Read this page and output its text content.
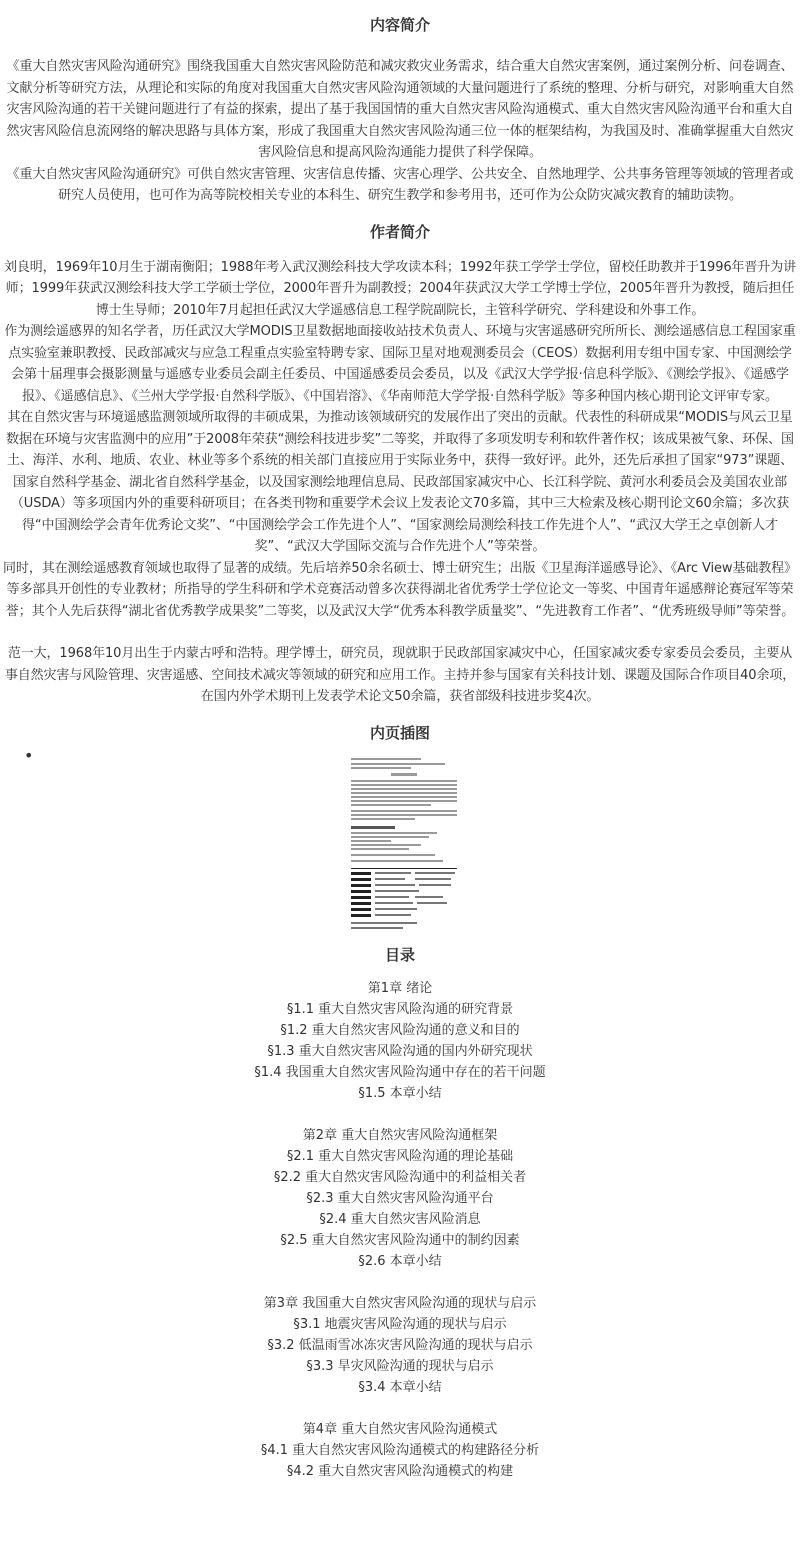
内容简介

《重大自然灾害风险沟通研究》围绕我国重大自然灾害风险防范和减灾救灾业务需求，结合重大自然灾害案例，通过案例分析、问卷调查、文献分析等研究方法，从理论和实际的角度对我国重大自然灾害风险沟通领域的大量问题进行了系统的整理、分析与研究，对影响重大自然灾害风险沟通的若干关键问题进行了有益的探索，提出了基于我国国情的重大自然灾害风险沟通模式、重大自然灾害风险沟通平台和重大自然灾害风险信息流网络的解决思路与具体方案，形成了我国重大自然灾害风险沟通三位一体的框架结构，为我国及时、准确掌握重大自然灾害风险信息和提高风险沟通能力提供了科学保障。

《重大自然灾害风险沟通研究》可供自然灾害管理、灾害信息传播、灾害心理学、公共安全、自然地理学、公共事务管理等领域的管理者或研究人员使用，也可作为高等院校相关专业的本科生、研究生教学和参考用书，还可作为公众防灾减灾教育的辅助读物。

作者简介

刘良明，1969年10月生于湖南衡阳；1988年考入武汉测绘科技大学攻读本科；1992年获工学学士学位，留校任助教并于1996年晋升为讲师；1999年获武汉测绘科技大学工学硕士学位，2000年晋升为副教授；2004年获武汉大学工学博士学位，2005年晋升为教授，随后担任博士生导师；2010年7月起担任武汉大学遥感信息工程学院副院长，主管科学研究、学科建设和外事工作。

作为测绘遥感界的知名学者，历任武汉大学MODIS卫星数据地面接收站技术负责人、环境与灾害遥感研究所所长、测绘遥感信息工程国家重点实验室兼职教授、民政部减灾与应急工程重点实验室特聘专家、国际卫星对地观测委员会（CEOS）数据利用专组中国专家、中国测绘学会第十届理事会摄影测量与遥感专业委员会副主任委员、中国遥感委员会委员，以及《武汉大学学报·信息科学版》、《测绘学报》、《遥感学报》、《遥感信息》、《兰州大学学报·自然科学版》、《中国岩溶》、《华南师范大学学报·自然科学版》等多种国内核心期刊论文评审专家。

其在自然灾害与环境遥感监测领域所取得的丰硕成果，为推动该领域研究的发展作出了突出的贡献。代表性的科研成果“MODIS与风云卫星数据在环境与灾害监测中的应用”于2008年荣获“测绘科技进步奖”二等奖，并取得了多项发明专利和软件著作权；该成果被气象、环保、国土、海洋、水利、地质、农业、林业等多个系统的相关部门直接应用于实际业务中，获得一致好评。此外，还先后承担了国家“973”课题、国家自然科学基金、湖北省自然科学基金，以及国家测绘地理信息局、民政部国家减灾中心、长江科学院、黄河水利委员会及美国农业部（USDA）等多项国内外的重要科研项目；在各类刊物和重要学术会议上发表论文70多篇，其中三大检索及核心期刊论文60余篇；多次获得“中国测绘学会青年优秀论文奖”、“中国测绘学会工作先进个人”、“国家测绘局测绘科技工作先进个人”、“武汉大学王之卓创新人才奖”、“武汉大学国际交流与合作先进个人”等荣誉。

同时，其在测绘遥感教育领域也取得了显著的成绩。先后培养50余名硕士、博士研究生；出版《卫星海洋遥感导论》、《Arc View基础教程》等多部具开创性的专业教材；所指导的学生科研和学术竞赛活动曾多次获得湖北省优秀学士学位论文一等奖、中国青年遥感辩论赛冠军等荣誉；其个人先后获得“湖北省优秀教学成果奖”二等奖，以及武汉大学“优秀本科教学质量奖”、“先进教育工作者”、“优秀班级导师”等荣誉。

范一大，1968年10月出生于内蒙古呼和浩特。理学博士，研究员，现就职于民政部国家减灾中心，任国家减灾委专家委员会委员，主要从事自然灾害与风险管理、灾害遥感、空间技术减灾等领域的研究和应用工作。主持并参与国家有关科技计划、课题及国际合作项目40余项，在国内外学术期刊上发表学术论文50余篇，获省部级科技进步奖4次。

内页插图
•
目录
第1章 绪论
§1.1 重大自然灾害风险沟通的研究背景
§1.2 重大自然灾害风险沟通的意义和目的
§1.3 重大自然灾害风险沟通的国内外研究现状
§1.4 我国重大自然灾害风险沟通中存在的若干问题
§1.5 本章小结
第2章 重大自然灾害风险沟通框架
§2.1 重大自然灾害风险沟通的理论基础
§2.2 重大自然灾害风险沟通中的利益相关者
§2.3 重大自然灾害风险沟通平台
§2.4 重大自然灾害风险消息
§2.5 重大自然灾害风险沟通中的制约因素
§2.6 本章小结
第3章 我国重大自然灾害风险沟通的现状与启示
§3.1 地震灾害风险沟通的现状与启示
§3.2 低温雨雪冰冻灾害风险沟通的现状与启示
§3.3 旱灾风险沟通的现状与启示
§3.4 本章小结
第4章 重大自然灾害风险沟通模式
§4.1 重大自然灾害风险沟通模式的构建路径分析
§4.2 重大自然灾害风险沟通模式的构建
